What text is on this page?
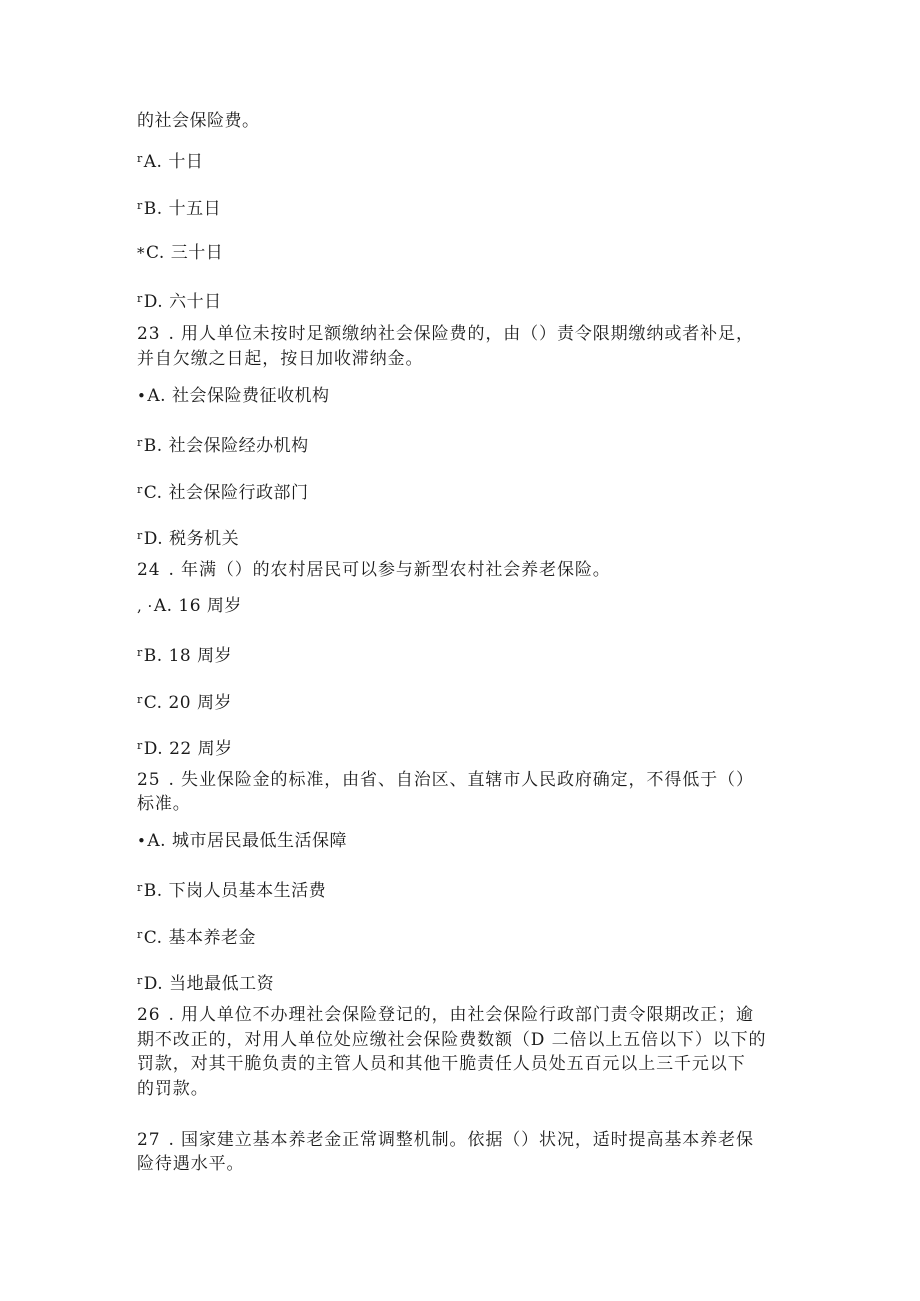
的社会保险费。
rA. 十日
rB. 十五日
*C. 三十日
rD. 六十日
23 . 用人单位未按时足额缴纳社会保险费的，由（）责令限期缴纳或者补足，
并自欠缴之日起，按日加收滞纳金。
•A. 社会保险费征收机构
rB. 社会保险经办机构
rC. 社会保险行政部门
rD. 税务机关
24 . 年满（）的农村居民可以参与新型农村社会养老保险。
, ·A. 16 周岁
rB. 18 周岁
rC. 20 周岁
rD. 22 周岁
25 . 失业保险金的标准，由省、自治区、直辖市人民政府确定，不得低于（）
标准。
•A. 城市居民最低生活保障
rB. 下岗人员基本生活费
rC. 基本养老金
rD. 当地最低工资
26 . 用人单位不办理社会保险登记的，由社会保险行政部门责令限期改正；逾
期不改正的，对用人单位处应缴社会保险费数额（D 二倍以上五倍以下）以下的
罚款，对其干脆负责的主管人员和其他干脆责任人员处五百元以上三千元以下
的罚款。
27 . 国家建立基本养老金正常调整机制。依据（）状况，适时提高基本养老保
险待遇水平。
